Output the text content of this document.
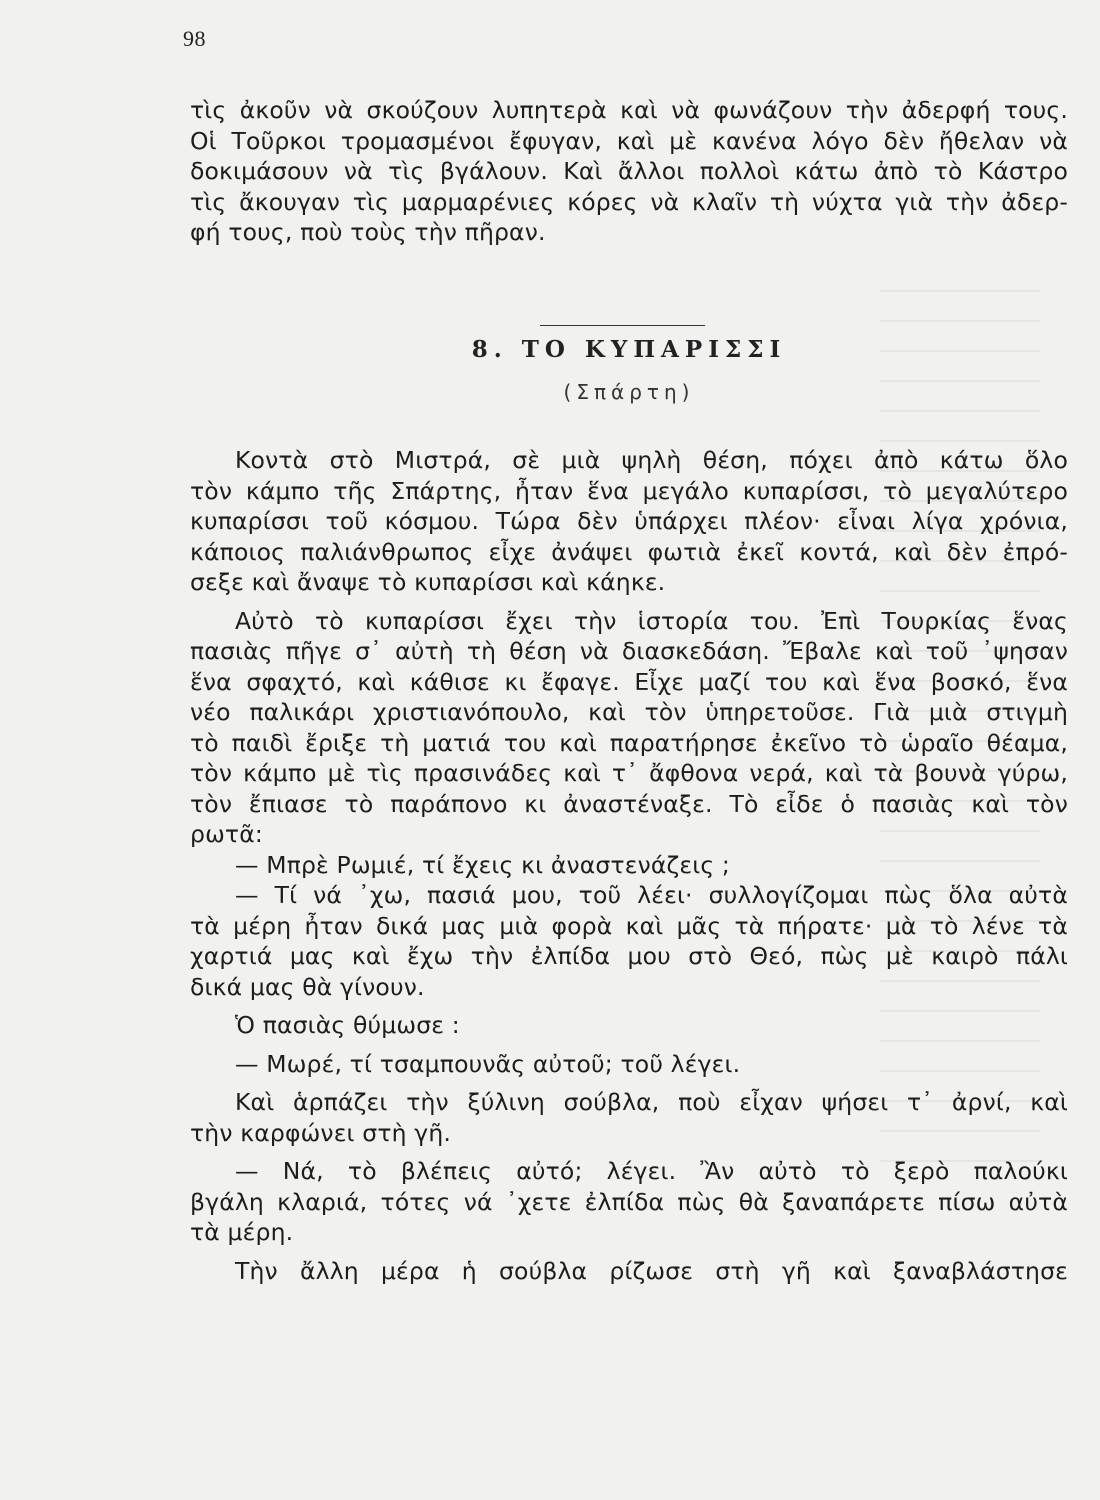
98

τὶς ἀκοῦν νὰ σκούζουν λυπητερὰ καὶ νὰ φωνάζουν τὴν ἀδερφή τους.

Οἱ Τοῦρκοι τρομασμένοι ἔφυγαν, καὶ μὲ κανένα λόγο δὲν ἤθελαν νὰ

δοκιμάσουν νὰ τὶς βγάλουν. Καὶ ἄλλοι πολλοὶ κάτω ἀπὸ τὸ Κάστρο

τὶς ἄκουγαν τὶς μαρμαρένιες κόρες νὰ κλαῖν τὴ νύχτα γιὰ τὴν ἀδερ-

φή τους, ποὺ τοὺς τὴν πῆραν.

8. ΤΟ ΚΥΠΑΡΙΣΣΙ
(Σπάρτη)

Κοντὰ στὸ Μιστρά, σὲ μιὰ ψηλὴ θέση, πόχει ἀπὸ κάτω ὅλο

τὸν κάμπο τῆς Σπάρτης, ἦταν ἕνα μεγάλο κυπαρίσσι, τὸ μεγαλύτερο

κυπαρίσσι τοῦ κόσμου. Τώρα δὲν ὑπάρχει πλέον· εἶναι λίγα χρόνια,

κάποιος παλιάνθρωπος εἶχε ἀνάψει φωτιὰ ἐκεῖ κοντά, καὶ δὲν ἐπρό-

σεξε καὶ ἄναψε τὸ κυπαρίσσι καὶ κάηκε.

Αὐτὸ τὸ κυπαρίσσι ἔχει τὴν ἱστορία του. Ἐπὶ Τουρκίας ἕνας

πασιὰς πῆγε σ᾽ αὐτὴ τὴ θέση νὰ διασκεδάση. Ἔβαλε καὶ τοῦ ᾽ψησαν

ἕνα σφαχτό, καὶ κάθισε κι ἔφαγε. Εἶχε μαζί του καὶ ἕνα βοσκό, ἕνα

νέο παλικάρι χριστιανόπουλο, καὶ τὸν ὑπηρετοῦσε. Γιὰ μιὰ στιγμὴ

τὸ παιδὶ ἔριξε τὴ ματιά του καὶ παρατήρησε ἐκεῖνο τὸ ὡραῖο θέαμα,

τὸν κάμπο μὲ τὶς πρασινάδες καὶ τ᾽ ἄφθονα νερά, καὶ τὰ βουνὰ γύρω,

τὸν ἔπιασε τὸ παράπονο κι ἀναστέναξε. Τὸ εἶδε ὁ πασιὰς καὶ τὸν

ρωτᾶ:

— Μπρὲ Ρωμιέ, τί ἔχεις κι ἀναστενάζεις ;

— Τί νά ᾽χω, πασιά μου, τοῦ λέει· συλλογίζομαι πὼς ὅλα αὐτὰ

τὰ μέρη ἦταν δικά μας μιὰ φορὰ καὶ μᾶς τὰ πήρατε· μὰ τὸ λένε τὰ

χαρτιά μας καὶ ἔχω τὴν ἐλπίδα μου στὸ Θεό, πὼς μὲ καιρὸ πάλι

δικά μας θὰ γίνουν.

Ὁ πασιὰς θύμωσε :

— Μωρέ, τί τσαμπουνᾶς αὐτοῦ; τοῦ λέγει.

Καὶ ἁρπάζει τὴν ξύλινη σούβλα, ποὺ εἶχαν ψήσει τ᾽ ἀρνί, καὶ

τὴν καρφώνει στὴ γῆ.

— Νά, τὸ βλέπεις αὐτό; λέγει. Ἂν αὐτὸ τὸ ξερὸ παλούκι

βγάλη κλαριά, τότες νά ᾽χετε ἐλπίδα πὼς θὰ ξαναπάρετε πίσω αὐτὰ

τὰ μέρη.

Τὴν ἄλλη μέρα ἡ σούβλα ρίζωσε στὴ γῆ καὶ ξαναβλάστησε
